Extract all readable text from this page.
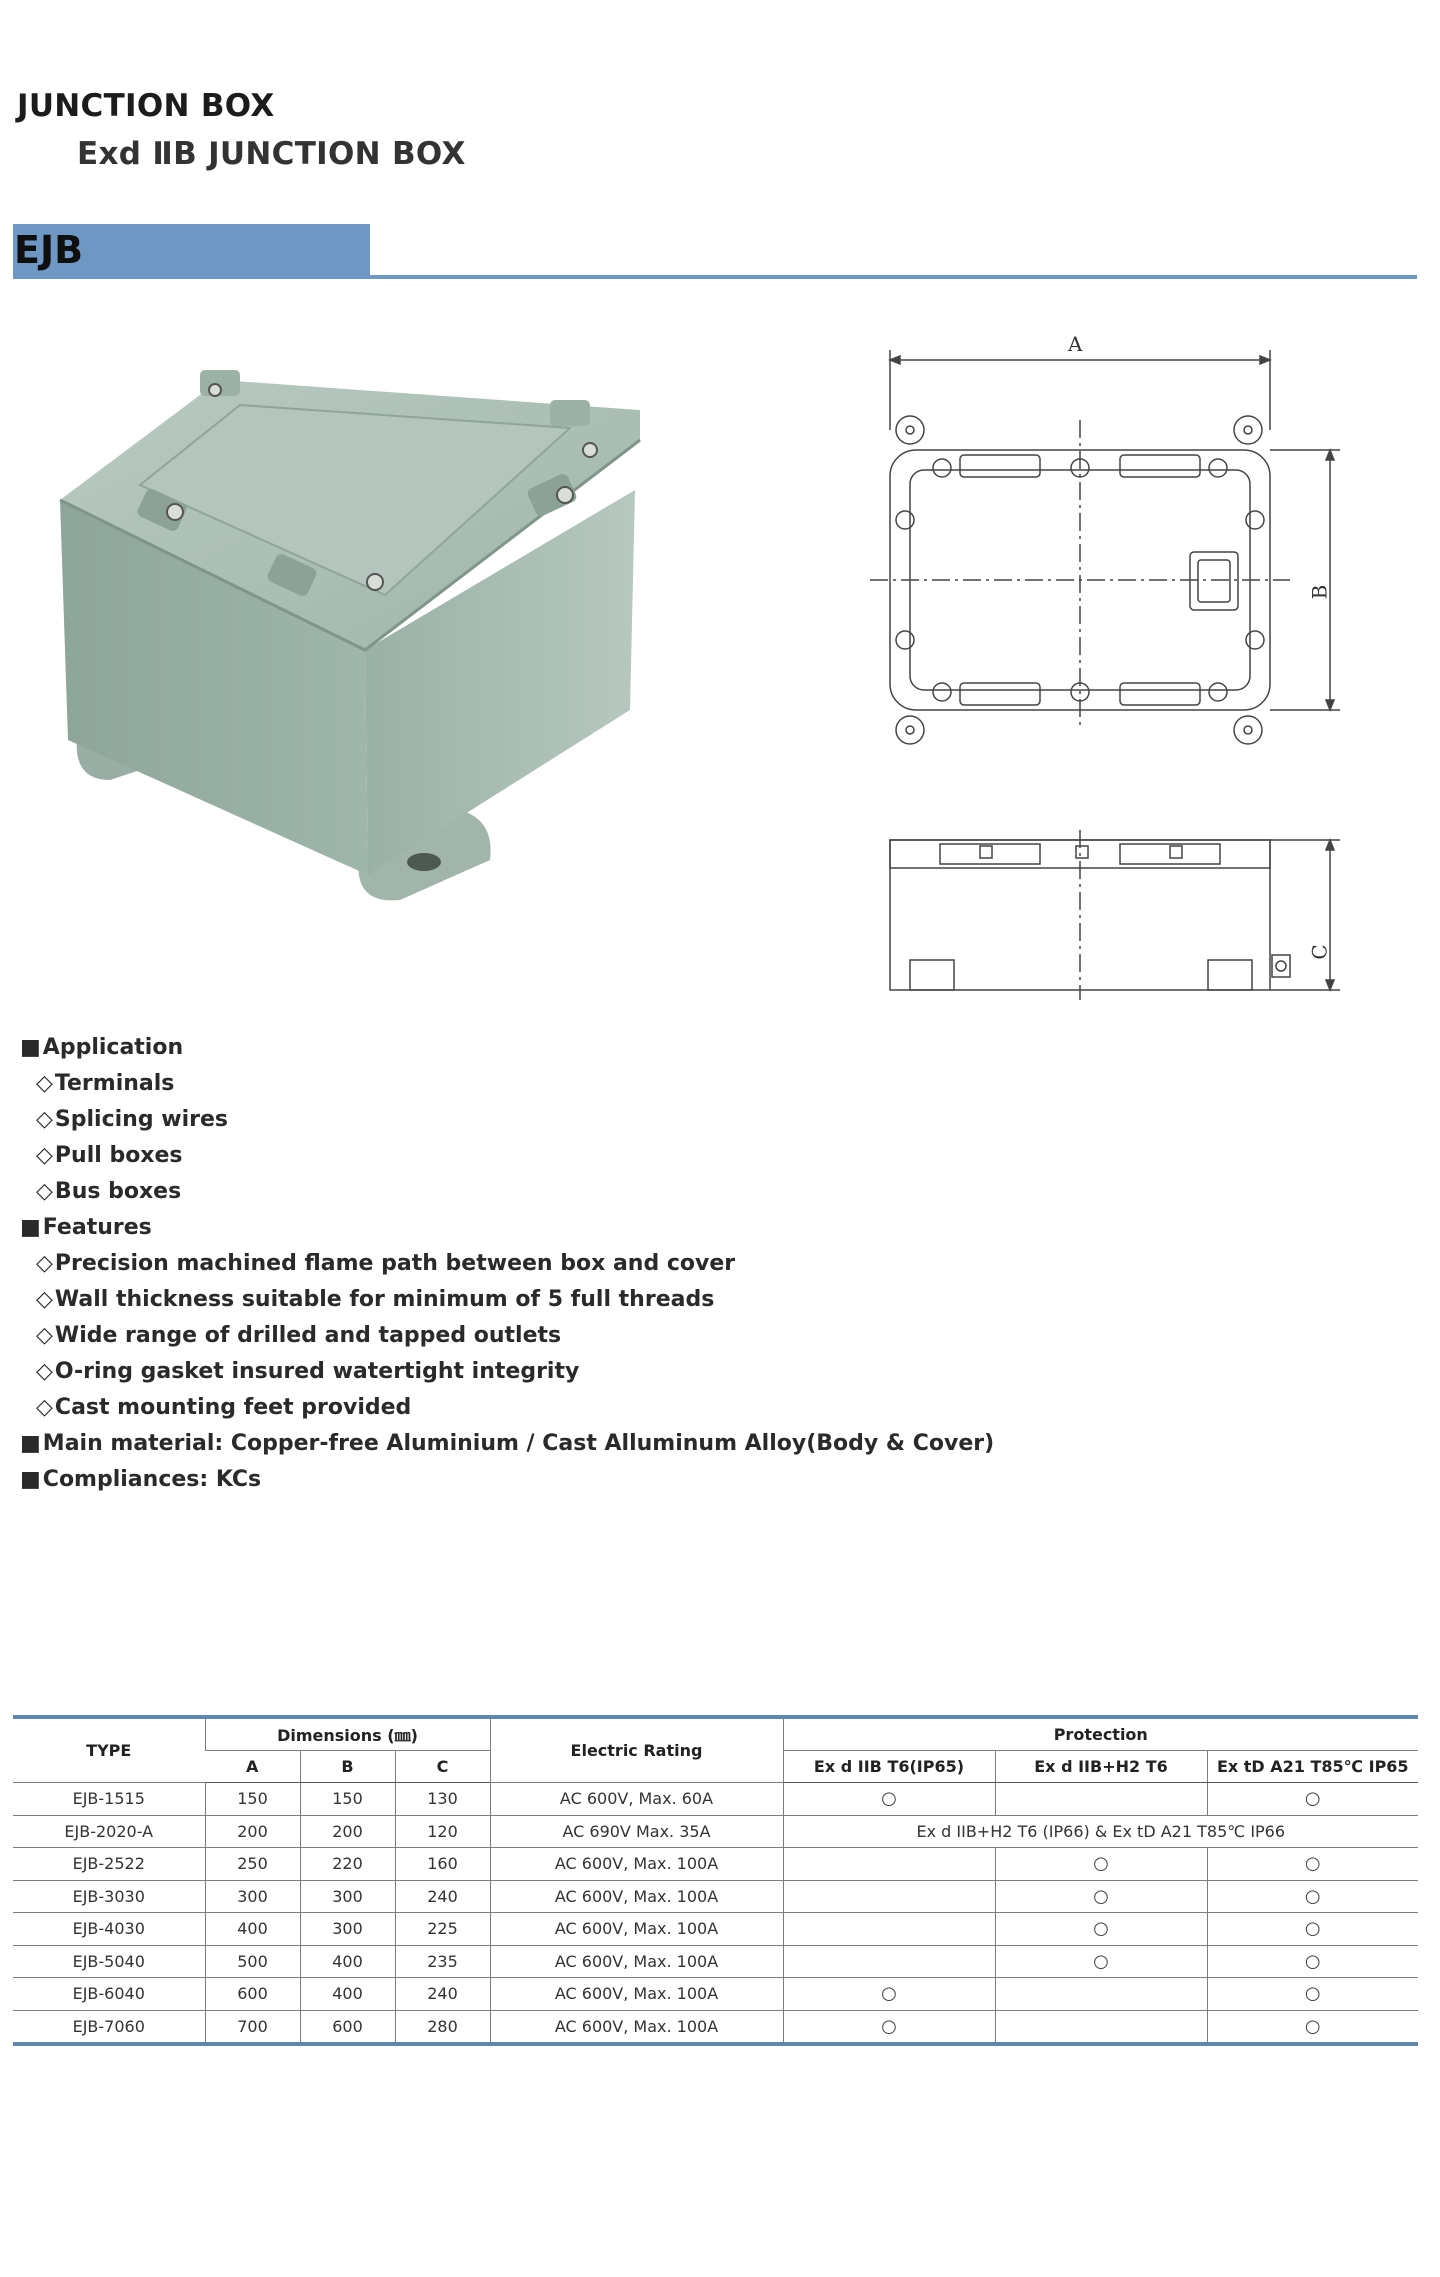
JUNCTION BOX
Exd ⅡB JUNCTION BOX
EJB
A
B
C
■ Application
◇ Terminals
◇ Splicing wires
◇ Pull boxes
◇ Bus boxes
■ Features
◇ Precision machined flame path between box and cover
◇ Wall thickness suitable for minimum of 5 full threads
◇ Wide range of drilled and tapped outlets
◇ O-ring gasket insured watertight integrity
◇ Cast mounting feet provided
■ Main material: Copper-free Aluminium / Cast Alluminum Alloy(Body & Cover)
■ Compliances: KCs
TYPE	Dimensions (㎜)			Electric Rating	Protection		
	A	B	C		Ex d IIB T6(IP65)	Ex d IIB+H2 T6	Ex tD A21 T85℃ IP65
EJB-1515	150	150	130	AC 600V, Max. 60A	○		○
EJB-2020-A	200	200	120	AC 690V Max. 35A	Ex d IIB+H2 T6 (IP66) & Ex tD A21 T85℃ IP66		
EJB-2522	250	220	160	AC 600V, Max. 100A		○	○
EJB-3030	300	300	240	AC 600V, Max. 100A		○	○
EJB-4030	400	300	225	AC 600V, Max. 100A		○	○
EJB-5040	500	400	235	AC 600V, Max. 100A		○	○
EJB-6040	600	400	240	AC 600V, Max. 100A	○		○
EJB-7060	700	600	280	AC 600V, Max. 100A	○		○
